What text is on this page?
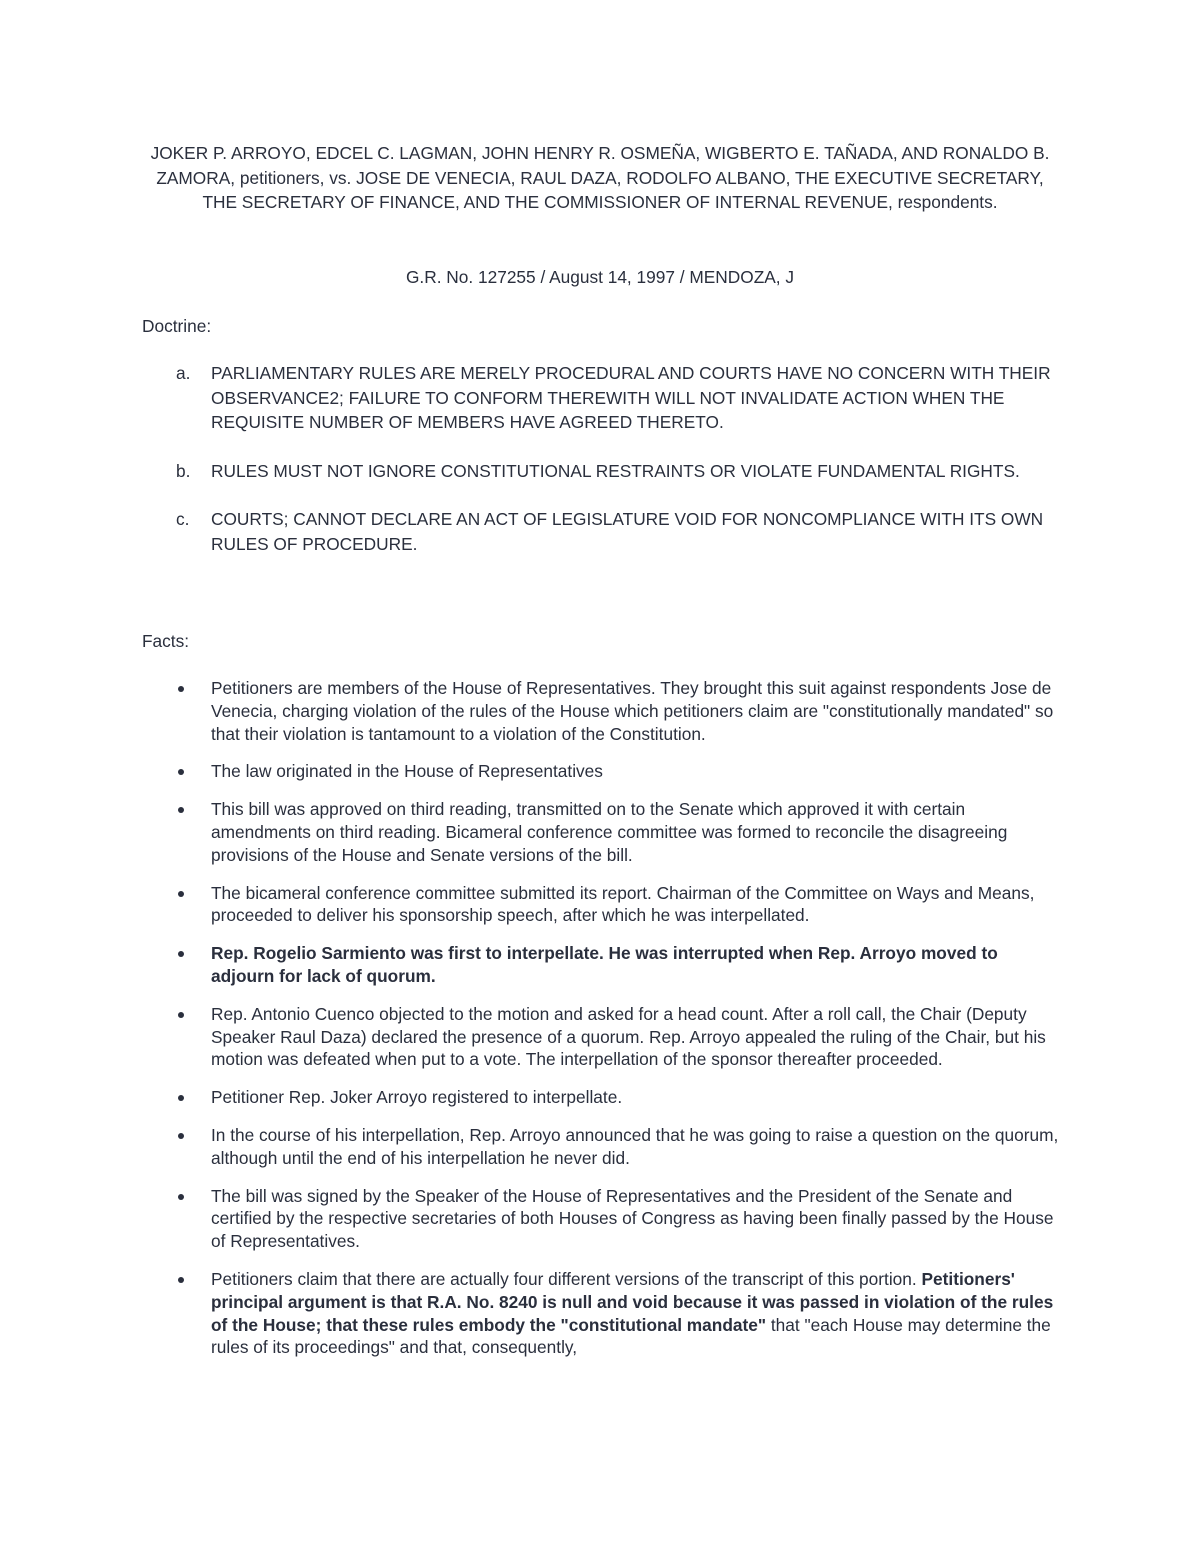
JOKER P. ARROYO, EDCEL C. LAGMAN, JOHN HENRY R. OSMEÑA, WIGBERTO E. TAÑADA, AND RONALDO B. ZAMORA, petitioners, vs. JOSE DE VENECIA, RAUL DAZA, RODOLFO ALBANO, THE EXECUTIVE SECRETARY, THE SECRETARY OF FINANCE, AND THE COMMISSIONER OF INTERNAL REVENUE, respondents.
G.R. No. 127255 / August 14, 1997 / MENDOZA, J
Doctrine:
a. PARLIAMENTARY RULES ARE MERELY PROCEDURAL AND COURTS HAVE NO CONCERN WITH THEIR OBSERVANCE2; FAILURE TO CONFORM THEREWITH WILL NOT INVALIDATE ACTION WHEN THE REQUISITE NUMBER OF MEMBERS HAVE AGREED THERETO.
b. RULES MUST NOT IGNORE CONSTITUTIONAL RESTRAINTS OR VIOLATE FUNDAMENTAL RIGHTS.
c. COURTS; CANNOT DECLARE AN ACT OF LEGISLATURE VOID FOR NONCOMPLIANCE WITH ITS OWN RULES OF PROCEDURE.
Facts:
Petitioners are members of the House of Representatives. They brought this suit against respondents Jose de Venecia, charging violation of the rules of the House which petitioners claim are "constitutionally mandated" so that their violation is tantamount to a violation of the Constitution.
The law originated in the House of Representatives
This bill was approved on third reading, transmitted on to the Senate which approved it with certain amendments on third reading. Bicameral conference committee was formed to reconcile the disagreeing provisions of the House and Senate versions of the bill.
The bicameral conference committee submitted its report. Chairman of the Committee on Ways and Means, proceeded to deliver his sponsorship speech, after which he was interpellated.
Rep. Rogelio Sarmiento was first to interpellate. He was interrupted when Rep. Arroyo moved to adjourn for lack of quorum.
Rep. Antonio Cuenco objected to the motion and asked for a head count. After a roll call, the Chair (Deputy Speaker Raul Daza) declared the presence of a quorum. Rep. Arroyo appealed the ruling of the Chair, but his motion was defeated when put to a vote. The interpellation of the sponsor thereafter proceeded.
Petitioner Rep. Joker Arroyo registered to interpellate.
In the course of his interpellation, Rep. Arroyo announced that he was going to raise a question on the quorum, although until the end of his interpellation he never did.
The bill was signed by the Speaker of the House of Representatives and the President of the Senate and certified by the respective secretaries of both Houses of Congress as having been finally passed by the House of Representatives.
Petitioners claim that there are actually four different versions of the transcript of this portion. Petitioners' principal argument is that R.A. No. 8240 is null and void because it was passed in violation of the rules of the House; that these rules embody the "constitutional mandate" that "each House may determine the rules of its proceedings" and that, consequently,
